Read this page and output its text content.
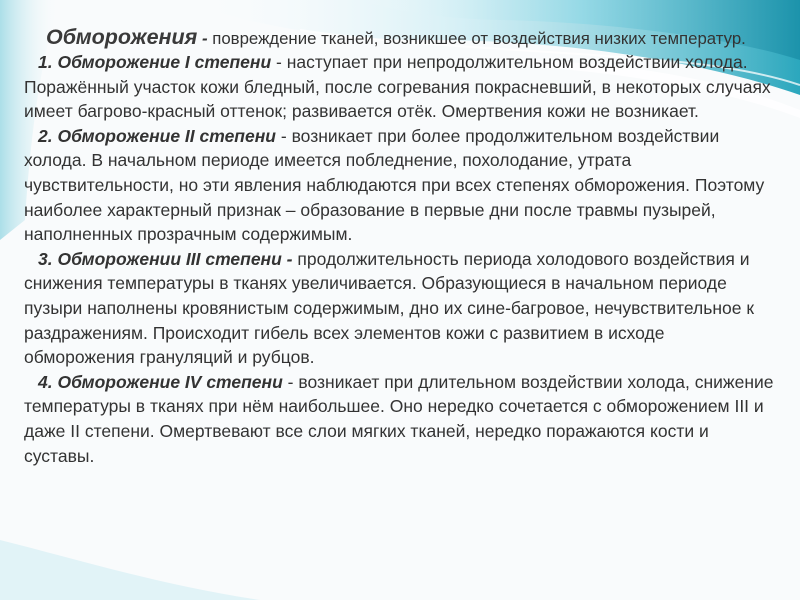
Обморожения - повреждение тканей, возникшее от воздействия низких температур.

1. Обморожение I степени - наступает при непродолжительном воздействии холода. Поражённый участок кожи бледный, после согревания покрасневший, в некоторых случаях имеет багрово-красный оттенок; развивается отёк. Омертвения кожи не возникает.

2. Обморожение II степени - возникает при более продолжительном воздействии холода. В начальном периоде имеется побледнение, похолодание, утрата чувствительности, но эти явления наблюдаются при всех степенях обморожения. Поэтому наиболее характерный признак – образование в первые дни после травмы пузырей, наполненных прозрачным содержимым.

3. Обморожении III степени - продолжительность периода холодового воздействия и снижения температуры в тканях увеличивается. Образующиеся в начальном периоде пузыри наполнены кровянистым содержимым, дно их сине-багровое, нечувствительное к раздражениям. Происходит гибель всех элементов кожи с развитием в исходе обморожения грануляций и рубцов.

4. Обморожение IV степени - возникает при длительном воздействии холода, снижение температуры в тканях при нём наибольшее. Оно нередко сочетается с обморожением III и даже II степени. Омертвевают все слои мягких тканей, нередко поражаются кости и суставы.
